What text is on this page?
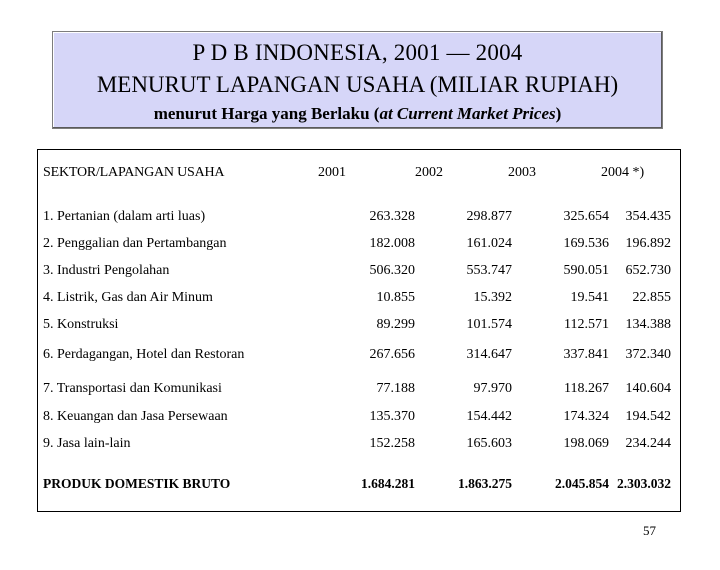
P D B INDONESIA, 2001 — 2004
MENURUT LAPANGAN USAHA (MILIAR RUPIAH)
menurut Harga yang Berlaku (at Current Market Prices)
SEKTOR/LAPANGAN USAHA	2001	2002	2003	2004 *)
1. Pertanian (dalam arti luas)	263.328	298.877	325.654 354.435
2. Penggalian dan Pertambangan	182.008	161.024	169.536 196.892
3. Industri Pengolahan	506.320	553.747	590.051 652.730
4. Listrik, Gas dan Air Minum	10.855	15.392	19.541 22.855
5. Konstruksi	89.299	101.574	112.571 134.388
6. Perdagangan, Hotel dan Restoran	267.656	314.647	337.841 372.340
7. Transportasi dan Komunikasi	77.188	97.970	118.267 140.604
8. Keuangan dan Jasa Persewaan	135.370	154.442	174.324 194.542
9. Jasa lain-lain	152.258	165.603	198.069 234.244
PRODUK DOMESTIK BRUTO	1.684.281	1.863.275	2.045.854 2.303.032
57
